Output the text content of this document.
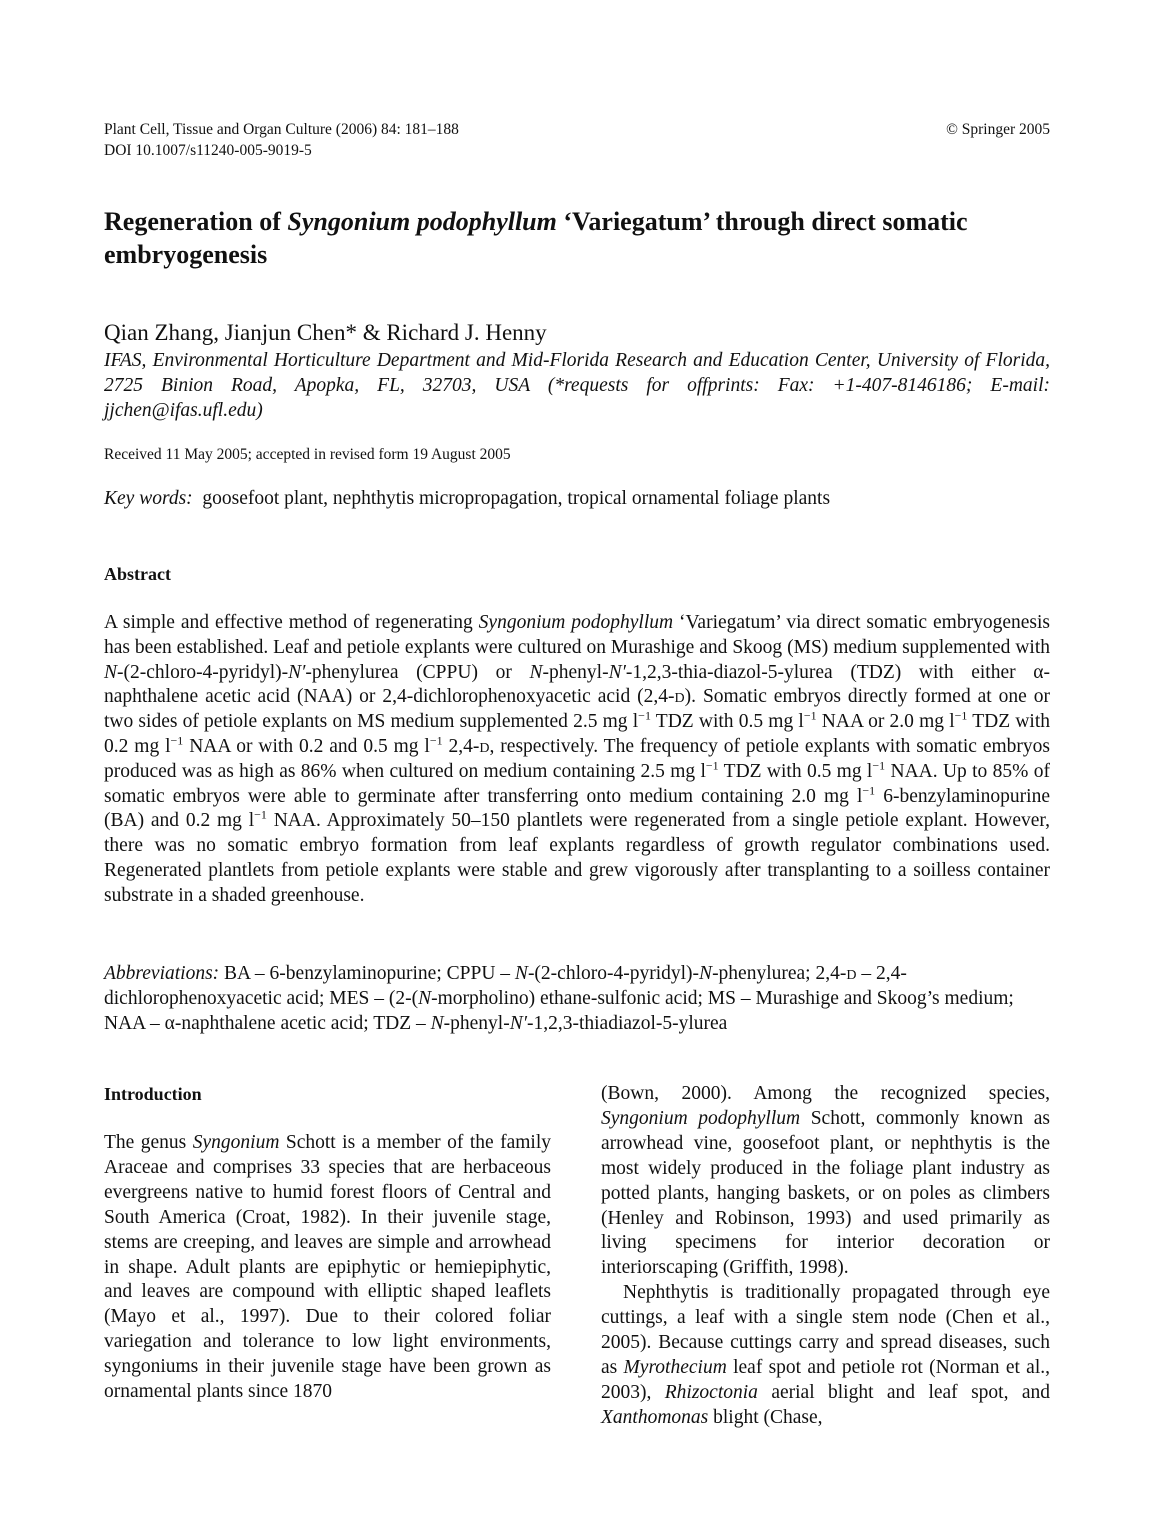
Plant Cell, Tissue and Organ Culture (2006) 84: 181–188
DOI 10.1007/s11240-005-9019-5
© Springer 2005
Regeneration of Syngonium podophyllum ‘Variegatum’ through direct somatic embryogenesis
Qian Zhang, Jianjun Chen* & Richard J. Henny
IFAS, Environmental Horticulture Department and Mid-Florida Research and Education Center, University of Florida, 2725 Binion Road, Apopka, FL, 32703, USA (*requests for offprints: Fax: +1-407-8146186; E-mail: jjchen@ifas.ufl.edu)
Received 11 May 2005; accepted in revised form 19 August 2005
Key words: goosefoot plant, nephthytis micropropagation, tropical ornamental foliage plants
Abstract

A simple and effective method of regenerating Syngonium podophyllum ‘Variegatum’ via direct somatic embryogenesis has been established. Leaf and petiole explants were cultured on Murashige and Skoog (MS) medium supplemented with N-(2-chloro-4-pyridyl)-N′-phenylurea (CPPU) or N-phenyl-N′-1,2,3-thia-diazol-5-ylurea (TDZ) with either α-naphthalene acetic acid (NAA) or 2,4-dichlorophenoxyacetic acid (2,4-d). Somatic embryos directly formed at one or two sides of petiole explants on MS medium supplemented 2.5 mg $l^{-1}$ TDZ with 0.5 mg $l^{-1}$ NAA or 2.0 mg $l^{-1}$ TDZ with 0.2 mg $l^{-1}$ NAA or with 0.2 and 0.5 mg $l^{-1}$ 2,4-d, respectively. The frequency of petiole explants with somatic embryos produced was as high as 86% when cultured on medium containing 2.5 mg $l^{-1}$ TDZ with 0.5 mg $l^{-1}$ NAA. Up to 85% of somatic embryos were able to germinate after transferring onto medium containing 2.0 mg $l^{-1}$ 6-benzylaminopurine (BA) and 0.2 mg $l^{-1}$ NAA. Approximately 50–150 plantlets were regenerated from a single petiole explant. However, there was no somatic embryo formation from leaf explants regardless of growth regulator combinations used. Regenerated plantlets from petiole explants were stable and grew vigorously after transplanting to a soilless container substrate in a shaded greenhouse.

Abbreviations: BA – 6-benzylaminopurine; CPPU – N-(2-chloro-4-pyridyl)-N-phenylurea; 2,4-d – 2,4-dichlorophenoxyacetic acid; MES – (2-(N-morpholino) ethane-sulfonic acid; MS – Murashige and Skoog’s medium; NAA – α-naphthalene acetic acid; TDZ – N-phenyl-N′-1,2,3-thiadiazol-5-ylurea

Introduction

The genus Syngonium Schott is a member of the family Araceae and comprises 33 species that are herbaceous evergreens native to humid forest floors of Central and South America (Croat, 1982). In their juvenile stage, stems are creeping, and leaves are simple and arrowhead in shape. Adult plants are epiphytic or hemiepiphytic, and leaves are compound with elliptic shaped leaflets (Mayo et al., 1997). Due to their colored foliar variegation and tolerance to low light environments, syngoniums in their juvenile stage have been grown as ornamental plants since 1870

(Bown, 2000). Among the recognized species, Syngonium podophyllum Schott, commonly known as arrowhead vine, goosefoot plant, or nephthytis is the most widely produced in the foliage plant industry as potted plants, hanging baskets, or on poles as climbers (Henley and Robinson, 1993) and used primarily as living specimens for interior decoration or interiorscaping (Griffith, 1998).

Nephthytis is traditionally propagated through eye cuttings, a leaf with a single stem node (Chen et al., 2005). Because cuttings carry and spread diseases, such as Myrothecium leaf spot and petiole rot (Norman et al., 2003), Rhizoctonia aerial blight and leaf spot, and Xanthomonas blight (Chase,
